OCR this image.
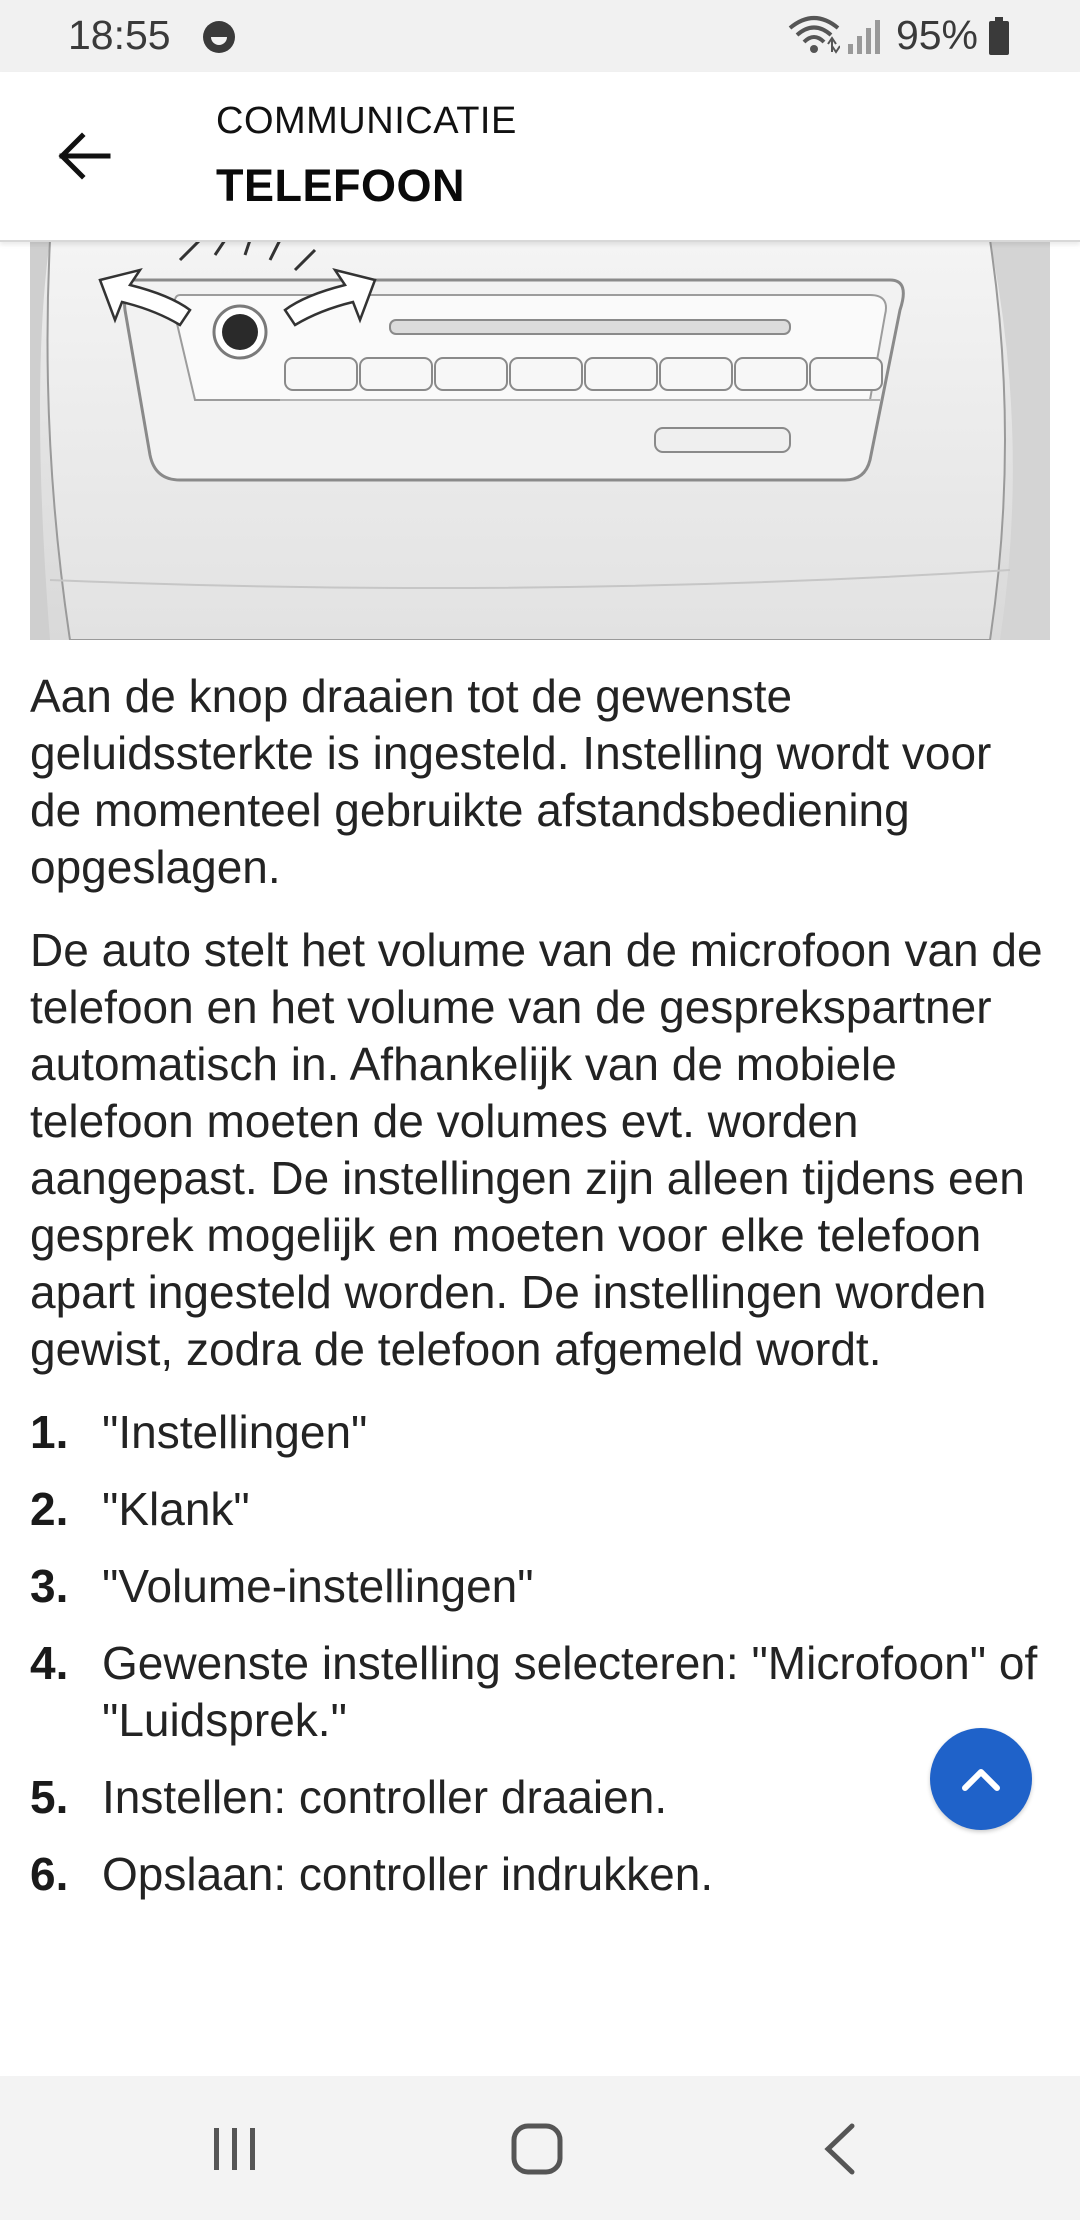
18:55	95%
COMMUNICATIE
TELEFOON

Aan de knop draaien tot de gewenste geluidssterkte is ingesteld. Instelling wordt voor de momenteel gebruikte afstandsbediening opgeslagen.

De auto stelt het volume van de microfoon van de telefoon en het volume van de gesprekspartner automatisch in. Afhankelijk van de mobiele telefoon moeten de volumes evt. worden aangepast. De instellingen zijn alleen tijdens een gesprek mogelijk en moeten voor elke telefoon apart ingesteld worden. De instellingen worden gewist, zodra de telefoon afgemeld wordt.

1. "Instellingen"
2. "Klank"
3. "Volume-instellingen"
4. Gewenste instelling selecteren: "Microfoon" of "Luidsprek."
5. Instellen: controller draaien.
6. Opslaan: controller indrukken.
